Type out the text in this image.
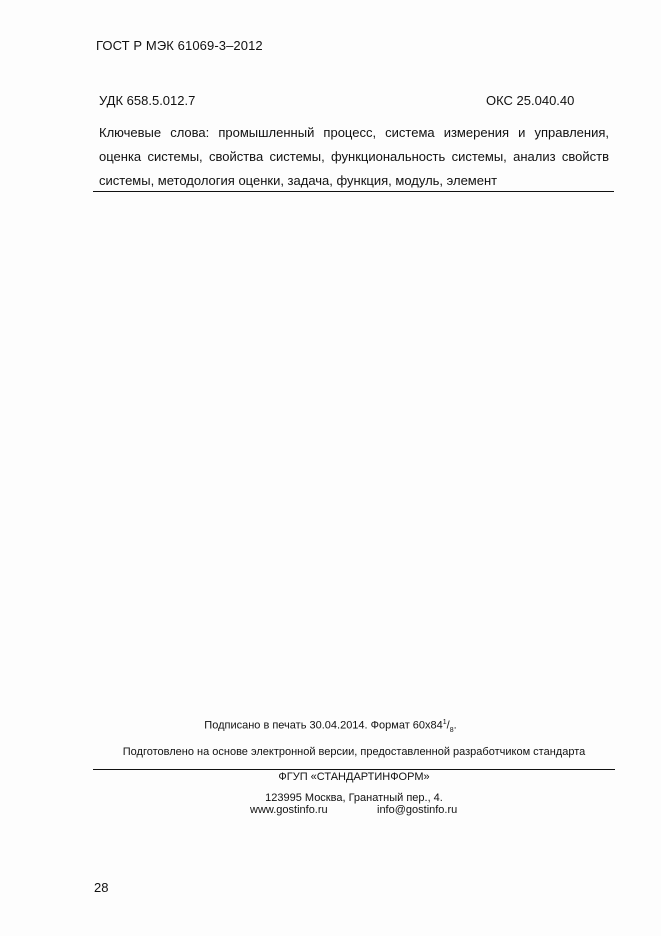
ГОСТ Р МЭК 61069-3–2012
УДК 658.5.012.7	ОКС 25.040.40
Ключевые слова: промышленный процесс, система измерения и управления, оценка системы, свойства системы, функциональность системы, анализ свойств системы, методология оценки, задача, функция, модуль, элемент
Подписано в печать 30.04.2014. Формат $60x84^1/_8$.
Подготовлено на основе электронной версии, предоставленной разработчиком стандарта
ФГУП «СТАНДАРТИНФОРМ»
123995 Москва, Гранатный пер., 4.
www.gostinfo.ru	info@gostinfo.ru
28
